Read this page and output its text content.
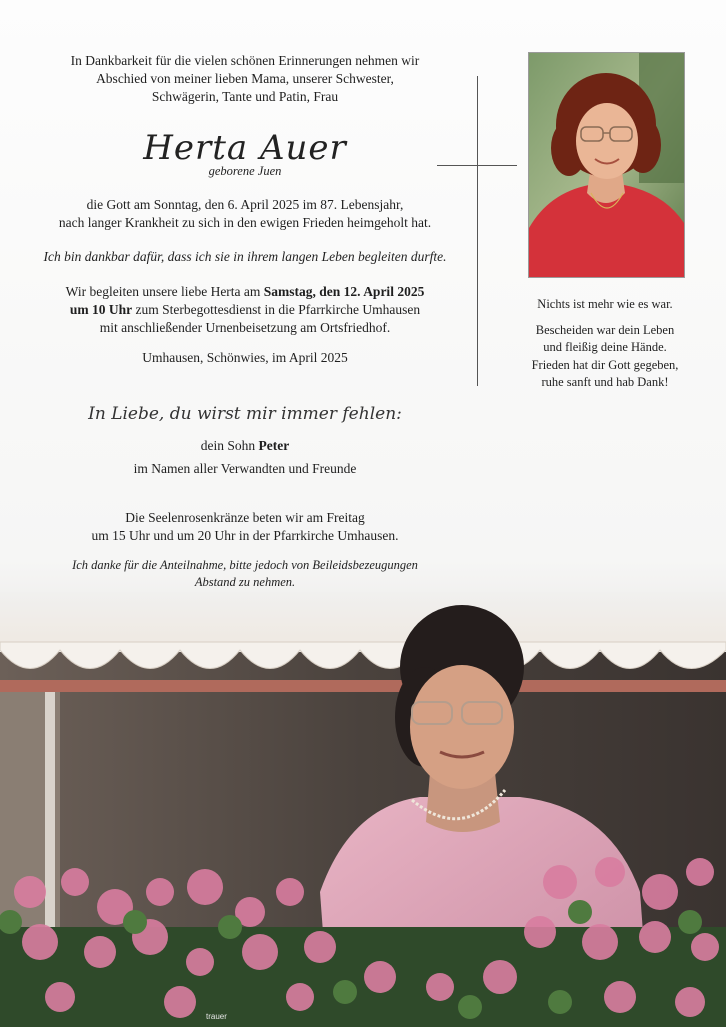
In Dankbarkeit für die vielen schönen Erinnerungen nehmen wir
Abschied von meiner lieben Mama, unserer Schwester,
Schwägerin, Tante und Patin, Frau
Herta Auer
geborene Juen
die Gott am Sonntag, den 6. April 2025 im 87. Lebensjahr,
nach langer Krankheit zu sich in den ewigen Frieden heimgeholt hat.
Ich bin dankbar dafür, dass ich sie in ihrem langen Leben begleiten durfte.
Wir begleiten unsere liebe Herta am Samstag, den 12. April 2025
um 10 Uhr zum Sterbegottesdienst in die Pfarrkirche Umhausen
mit anschließender Urnenbeisetzung am Ortsfriedhof.
Umhausen, Schönwies, im April 2025
In Liebe, du wirst mir immer fehlen:
dein Sohn Peter
im Namen aller Verwandten und Freunde
Die Seelenrosenkränze beten wir am Freitag
um 15 Uhr und um 20 Uhr in der Pfarrkirche Umhausen.
Ich danke für die Anteilnahme, bitte jedoch von Beileidsbezeugungen
Abstand zu nehmen.
Nichts ist mehr wie es war.
Bescheiden war dein Leben
und fleißig deine Hände.
Frieden hat dir Gott gegeben,
ruhe sanft und hab Dank!
trauer
